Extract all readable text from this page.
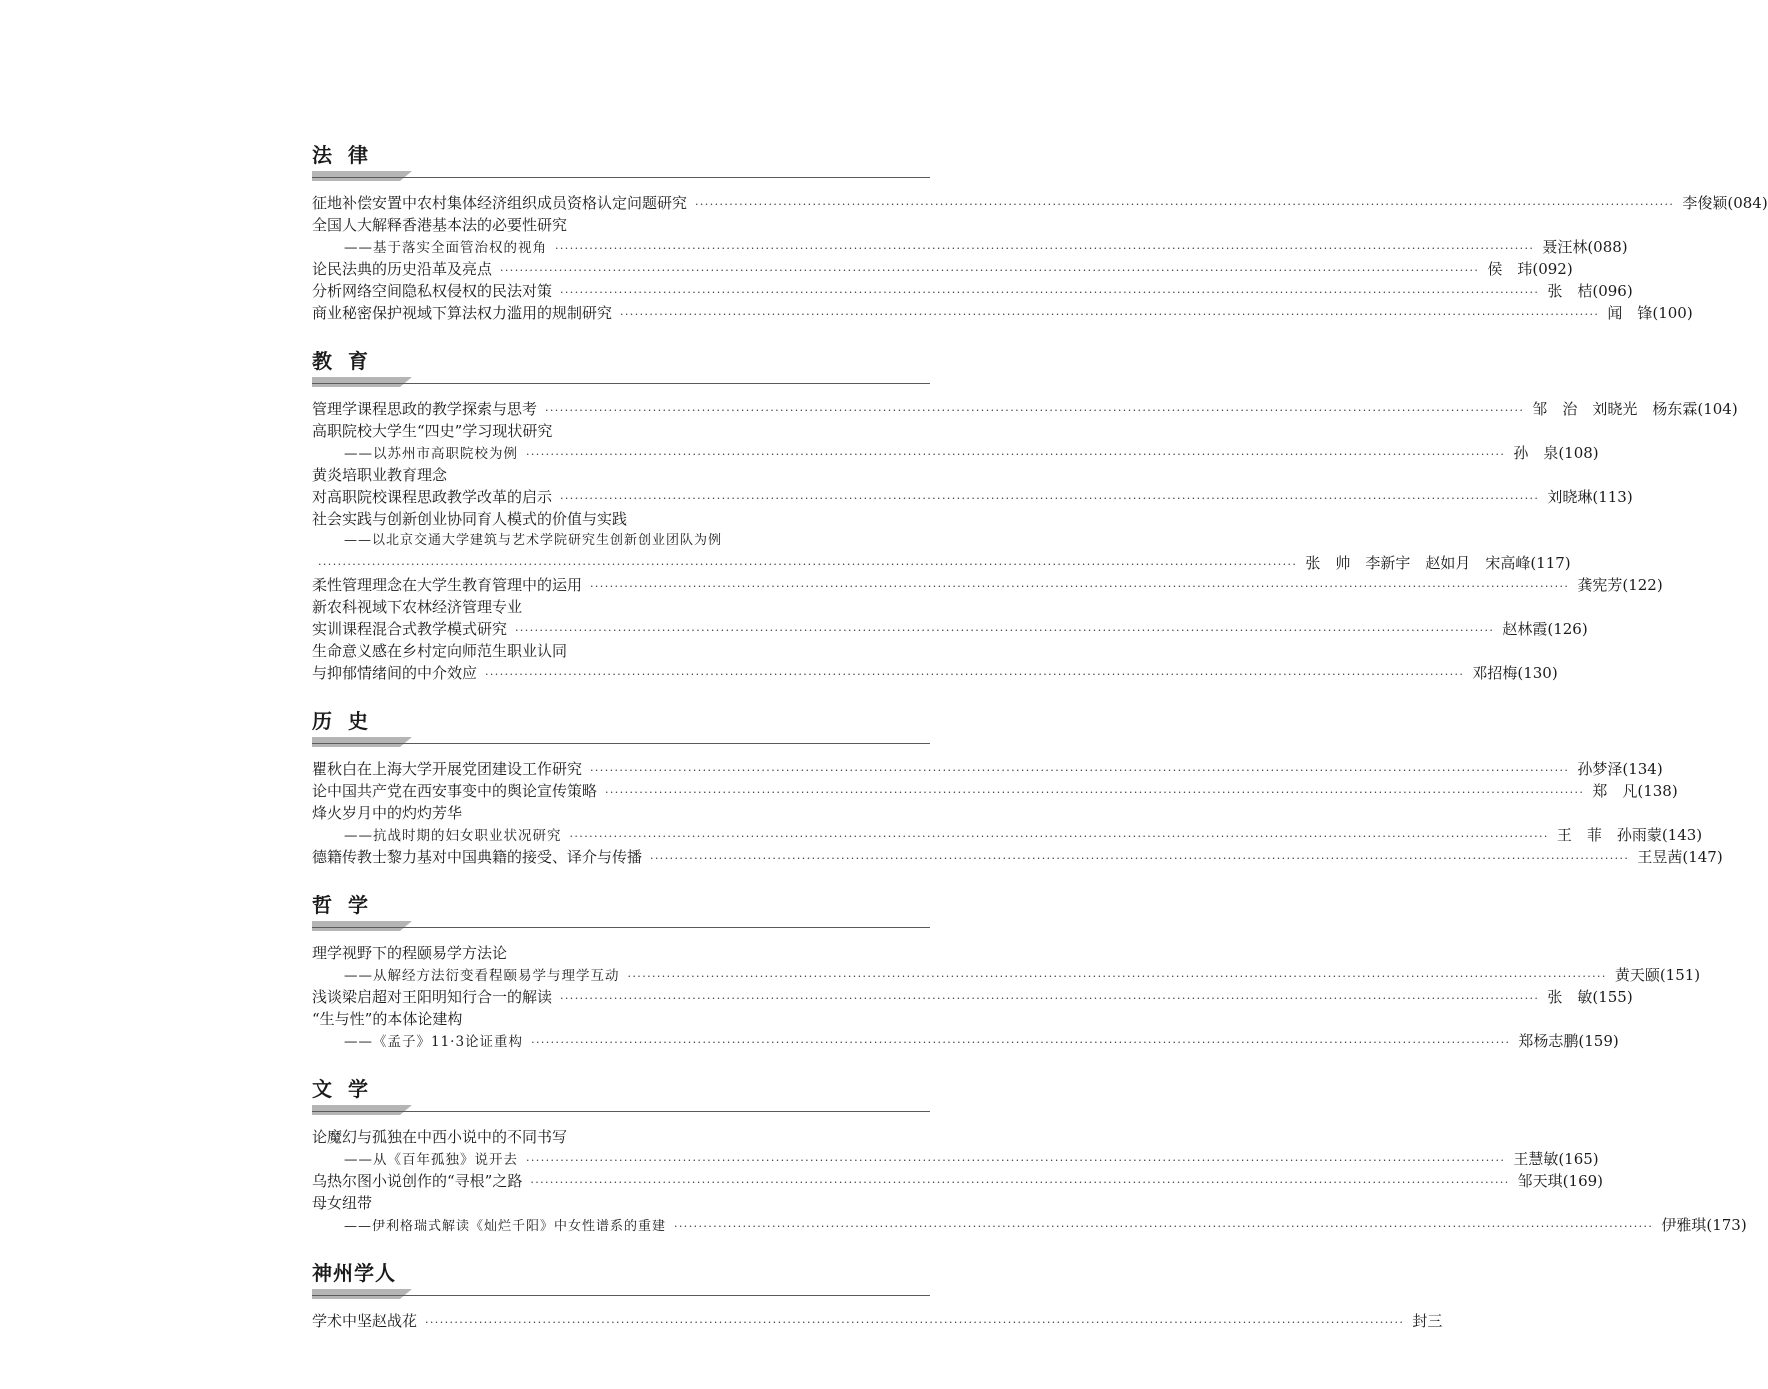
法律
征地补偿安置中农村集体经济组织成员资格认定问题研究 ········································································································································································································ 李俊颖(084)
全国人大解释香港基本法的必要性研究
——基于落实全面管治权的视角 ········································································································································································································ 聂汪林(088)
论民法典的历史沿革及亮点 ········································································································································································································ 侯　玮(092)
分析网络空间隐私权侵权的民法对策 ········································································································································································································ 张　桔(096)
商业秘密保护视域下算法权力滥用的规制研究 ········································································································································································································ 闻　锋(100)
教育
管理学课程思政的教学探索与思考 ········································································································································································································ 邹　治　刘晓光　杨东霖(104)
高职院校大学生“四史”学习现状研究
——以苏州市高职院校为例 ········································································································································································································ 孙　泉(108)
黄炎培职业教育理念
对高职院校课程思政教学改革的启示 ········································································································································································································ 刘晓琳(113)
社会实践与创新创业协同育人模式的价值与实践
——以北京交通大学建筑与艺术学院研究生创新创业团队为例
········································································································································································································ 张　帅　李新宇　赵如月　宋高峰(117)
柔性管理理念在大学生教育管理中的运用 ········································································································································································································ 龚宪芳(122)
新农科视域下农林经济管理专业
实训课程混合式教学模式研究 ········································································································································································································ 赵林霞(126)
生命意义感在乡村定向师范生职业认同
与抑郁情绪间的中介效应 ········································································································································································································ 邓招梅(130)
历史
瞿秋白在上海大学开展党团建设工作研究 ········································································································································································································ 孙梦泽(134)
论中国共产党在西安事变中的舆论宣传策略 ········································································································································································································ 郑　凡(138)
烽火岁月中的灼灼芳华
——抗战时期的妇女职业状况研究 ········································································································································································································ 王　菲　孙雨蒙(143)
德籍传教士黎力基对中国典籍的接受、译介与传播 ········································································································································································································ 王昱茜(147)
哲学
理学视野下的程颐易学方法论
——从解经方法衍变看程颐易学与理学互动 ········································································································································································································ 黄天颐(151)
浅谈梁启超对王阳明知行合一的解读 ········································································································································································································ 张　敏(155)
“生与性”的本体论建构
——《孟子》11·3论证重构 ········································································································································································································ 郑杨志鹏(159)
文学
论魔幻与孤独在中西小说中的不同书写
——从《百年孤独》说开去 ········································································································································································································ 王慧敏(165)
乌热尔图小说创作的“寻根”之路 ········································································································································································································ 邹天琪(169)
母女纽带
——伊利格瑞式解读《灿烂千阳》中女性谱系的重建 ········································································································································································································ 伊雅琪(173)
神州学人
学术中坚赵战花 ········································································································································································································ 封三
